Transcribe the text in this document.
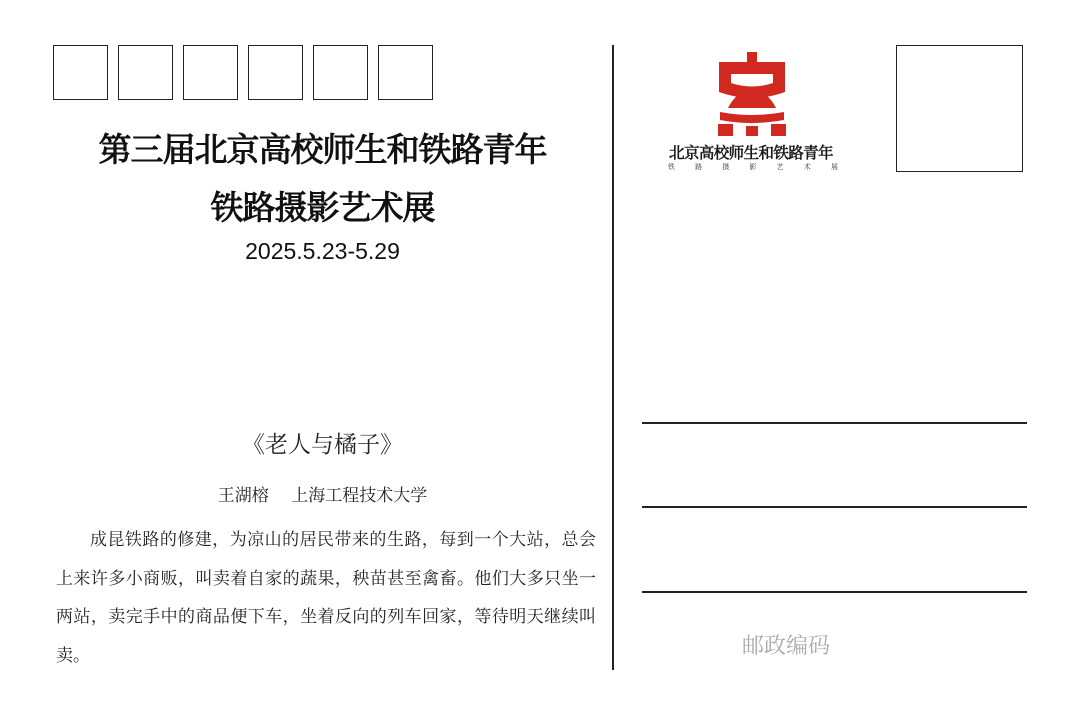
第三届北京高校师生和铁路青年
铁路摄影艺术展
2025.5.23-5.29
《老人与橘子》
王湖榕　 上海工程技术大学
成昆铁路的修建，为凉山的居民带来的生路，每到一个大站，总会上来许多小商贩，叫卖着自家的蔬果，秧苗甚至禽畜。他们大多只坐一两站，卖完手中的商品便下车，坐着反向的列车回家，等待明天继续叫卖。
北京高校师生和铁路青年
铁	路	摄	影	艺	术	展
邮政编码
